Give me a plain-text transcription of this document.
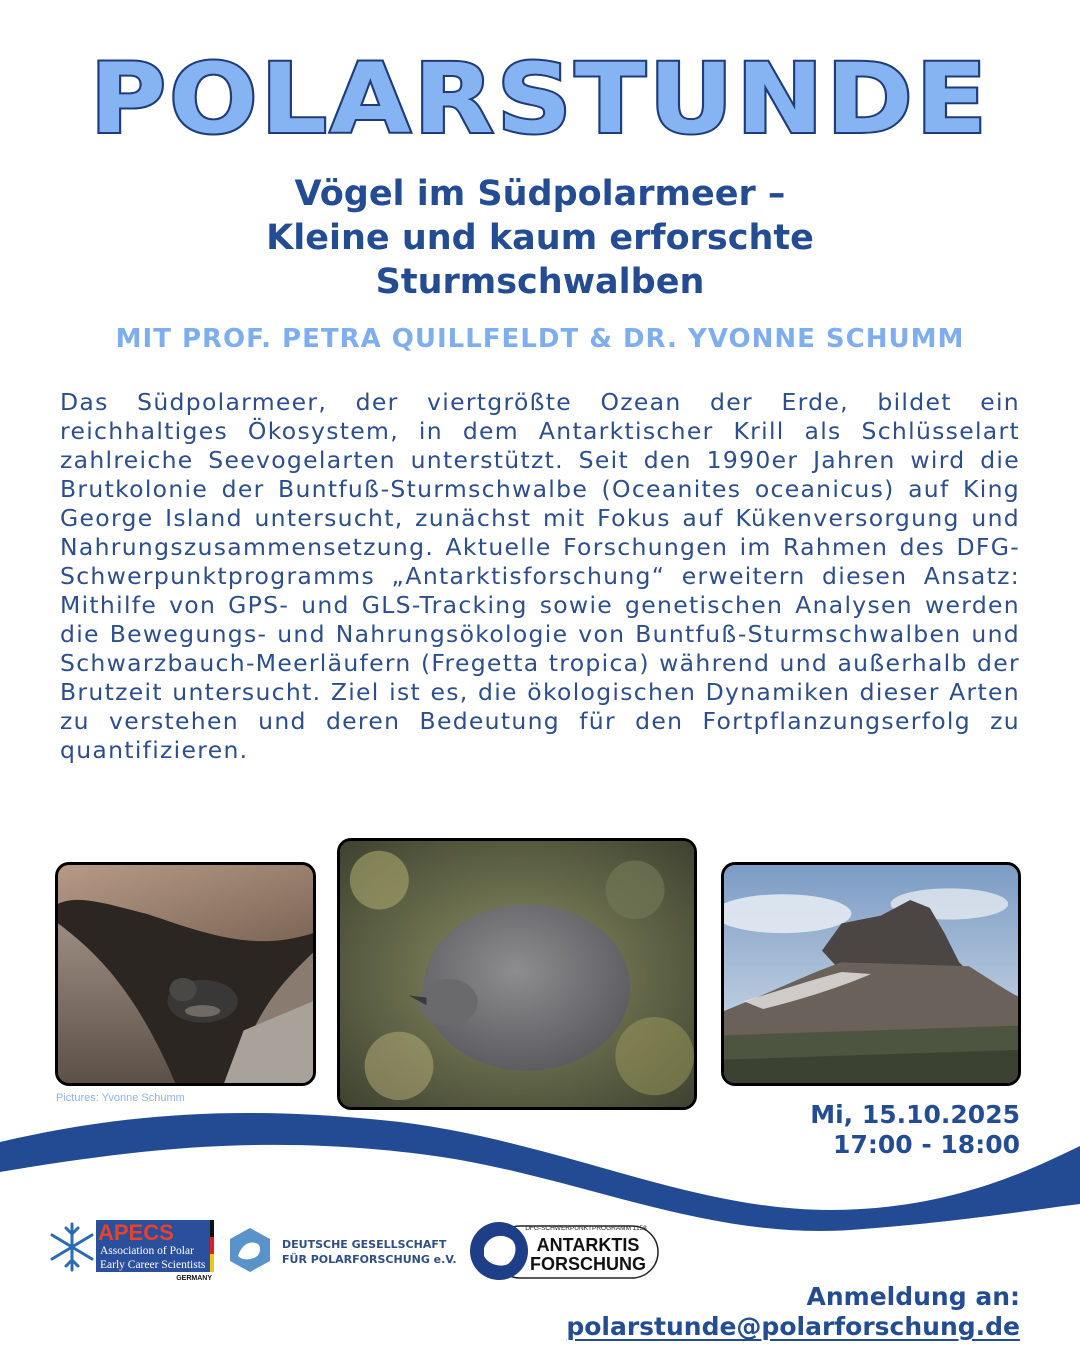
POLARSTUNDE
Vögel im Südpolarmeer –
Kleine und kaum erforschte
Sturmschwalben
MIT PROF. PETRA QUILLFELDT & DR. YVONNE SCHUMM

Das Südpolarmeer, der viertgrößte Ozean der Erde, bildet ein reichhaltiges Ökosystem, in dem Antarktischer Krill als Schlüsselart zahlreiche Seevogelarten unterstützt. Seit den 1990er Jahren wird die Brutkolonie der Buntfuß-Sturmschwalbe (Oceanites oceanicus) auf King George Island untersucht, zunächst mit Fokus auf Kükenversorgung und Nahrungszusammensetzung. Aktuelle Forschungen im Rahmen des DFG-Schwerpunktprogramms „Antarktisforschung“ erweitern diesen Ansatz: Mithilfe von GPS- und GLS-Tracking sowie genetischen Analysen werden die Bewegungs- und Nahrungsökologie von Buntfuß-Sturmschwalben und Schwarzbauch-Meerläufern (Fregetta tropica) während und außerhalb der Brutzeit untersucht. Ziel ist es, die ökologischen Dynamiken dieser Arten zu verstehen und deren Bedeutung für den Fortpflanzungserfolg zu quantifizieren.

Pictures: Yvonne Schumm
Mi, 15.10.2025
17:00 - 18:00
APECS
Association of Polar
Early Career Scientists
GERMANY
DEUTSCHE GESELLSCHAFT
FÜR POLARFORSCHUNG e.V.
DFG-SCHWERPUNKTPROGRAMM 1158
ANTARKTIS
FORSCHUNG
Anmeldung an:
polarstunde@polarforschung.de
